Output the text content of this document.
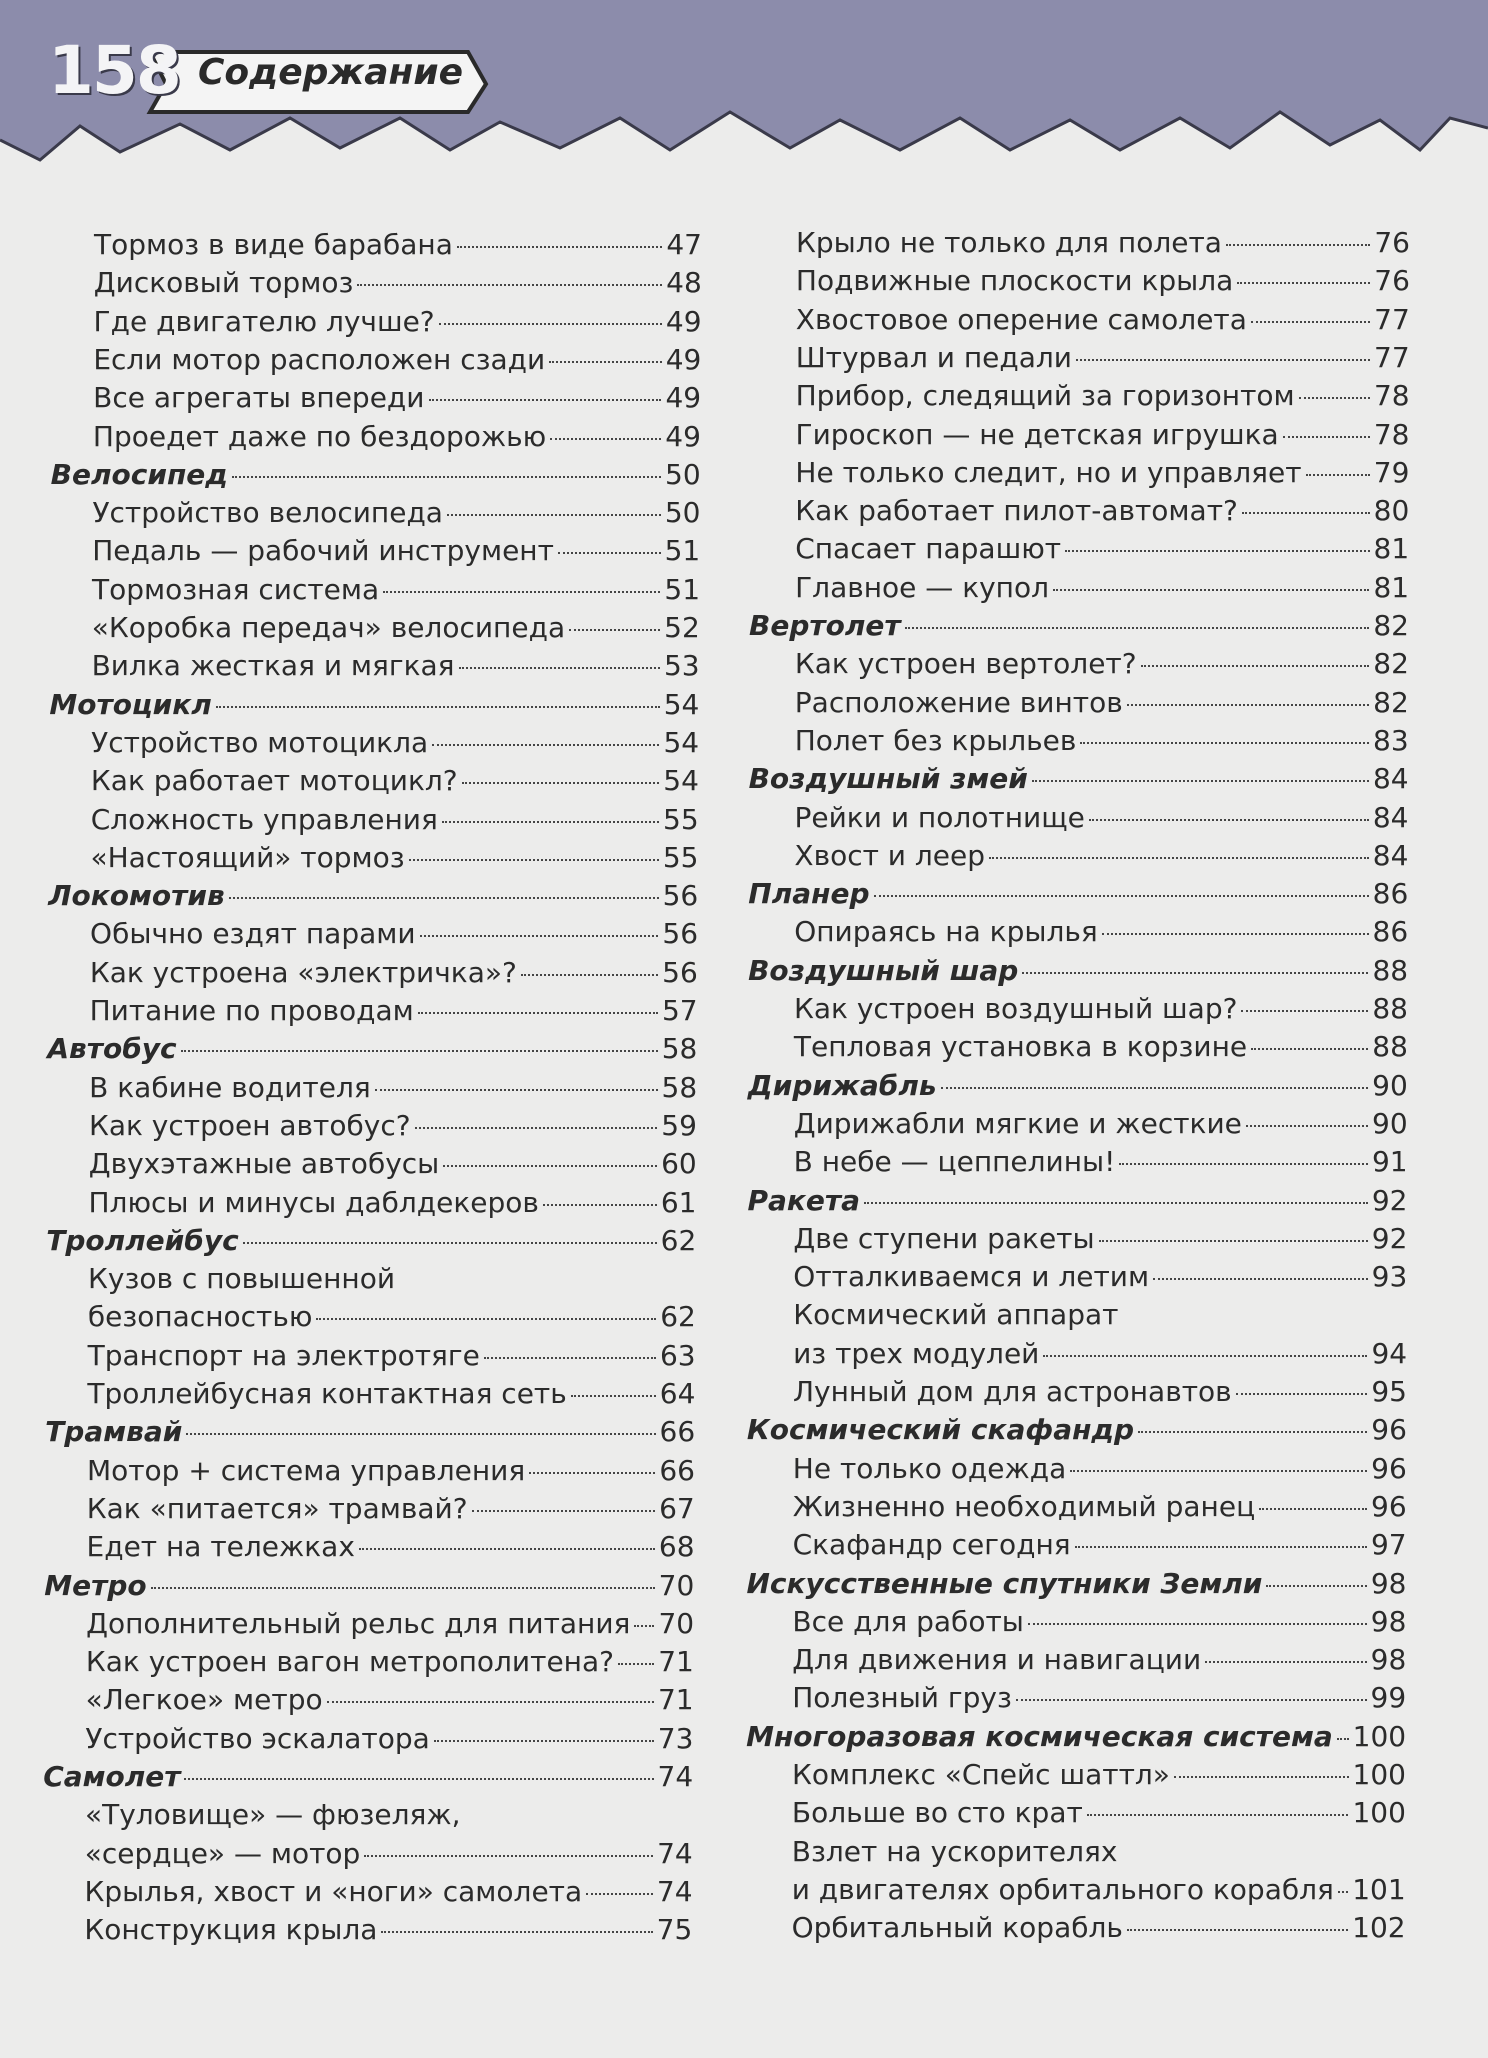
158 Содержание
Тормоз в виде барабана	47
Дисковый тормоз	48
Где двигателю лучше?	49
Если мотор расположен сзади	49
Все агрегаты впереди	49
Проедет даже по бездорожью	49
Велосипед	50
Устройство велосипеда	50
Педаль — рабочий инструмент	51
Тормозная система	51
«Коробка передач» велосипеда	52
Вилка жесткая и мягкая	53
Мотоцикл	54
Устройство мотоцикла	54
Как работает мотоцикл?	54
Сложность управления	55
«Настоящий» тормоз	55
Локомотив	56
Обычно ездят парами	56
Как устроена «электричка»?	56
Питание по проводам	57
Автобус	58
В кабине водителя	58
Как устроен автобус?	59
Двухэтажные автобусы	60
Плюсы и минусы даблдекеров	61
Троллейбус	62
Кузов с повышенной
безопасностью	62
Транспорт на электротяге	63
Троллейбусная контактная сеть	64
Трамвай	66
Мотор + система управления	66
Как «питается» трамвай?	67
Едет на тележках	68
Метро	70
Дополнительный рельс для питания 70
Как устроен вагон метрополитена? 71
«Легкое» метро	71
Устройство эскалатора	73
Самолет	74
«Туловище» — фюзеляж,
«сердце» — мотор	74
Крылья, хвост и «ноги» самолета	74
Конструкция крыла	75
Крыло не только для полета	76
Подвижные плоскости крыла	76
Хвостовое оперение самолета	77
Штурвал и педали	77
Прибор, следящий за горизонтом	78
Гироскоп — не детская игрушка	78
Не только следит, но и управляет	79
Как работает пилот-автомат?	80
Спасает парашют	81
Главное — купол	81
Вертолет	82
Как устроен вертолет?	82
Расположение винтов	82
Полет без крыльев	83
Воздушный змей	84
Рейки и полотнище	84
Хвост и леер	84
Планер	86
Опираясь на крылья	86
Воздушный шар	88
Как устроен воздушный шар?	88
Тепловая установка в корзине	88
Дирижабль	90
Дирижабли мягкие и жесткие	90
В небе — цеппелины!	91
Ракета	92
Две ступени ракеты	92
Отталкиваемся и летим	93
Космический аппарат
из трех модулей	94
Лунный дом для астронавтов	95
Космический скафандр	96
Не только одежда	96
Жизненно необходимый ранец	96
Скафандр сегодня	97
Искусственные спутники Земли	98
Все для работы	98
Для движения и навигации	98
Полезный груз	99
Многоразовая космическая система 100
Комплекс «Спейс шаттл»	100
Больше во сто крат	100
Взлет на ускорителях
и двигателях орбитального корабля 101
Орбитальный корабль	102
